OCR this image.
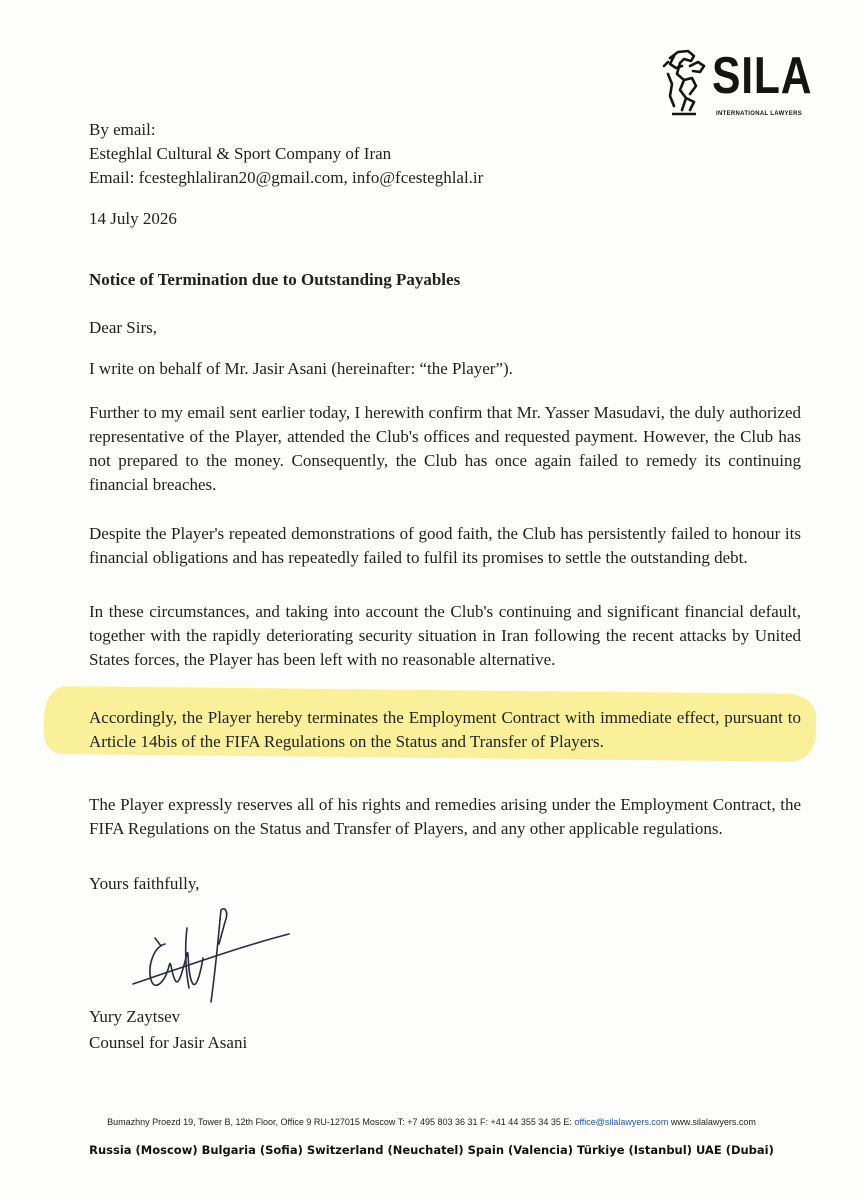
SILA
INTERNATIONAL LAWYERS
By email:
Esteghlal Cultural & Sport Company of Iran
Email: fcesteghlaliran20@gmail.com, info@fcesteghlal.ir
14 July 2026
Notice of Termination due to Outstanding Payables
Dear Sirs,
I write on behalf of Mr. Jasir Asani (hereinafter: “the Player”).
Further to my email sent earlier today, I herewith confirm that Mr. Yasser Masudavi, the duly authorized representative of the Player, attended the Club's offices and requested payment. However, the Club has not prepared to the money. Consequently, the Club has once again failed to remedy its continuing financial breaches.
Despite the Player's repeated demonstrations of good faith, the Club has persistently failed to honour its financial obligations and has repeatedly failed to fulfil its promises to settle the outstanding debt.
In these circumstances, and taking into account the Club's continuing and significant financial default, together with the rapidly deteriorating security situation in Iran following the recent attacks by United States forces, the Player has been left with no reasonable alternative.
Accordingly, the Player hereby terminates the Employment Contract with immediate effect, pursuant to Article 14bis of the FIFA Regulations on the Status and Transfer of Players.
The Player expressly reserves all of his rights and remedies arising under the Employment Contract, the FIFA Regulations on the Status and Transfer of Players, and any other applicable regulations.
Yours faithfully,
Yury Zaytsev
Counsel for Jasir Asani
Bumazhny Proezd 19, Tower B, 12th Floor, Office 9 RU-127015 Moscow T: +7 495 803 36 31 F: +41 44 355 34 35 E: office@silalawyers.com www.silalawyers.com
Russia (Moscow) Bulgaria (Sofia) Switzerland (Neuchatel) Spain (Valencia) Türkiye (Istanbul) UAE (Dubai)
